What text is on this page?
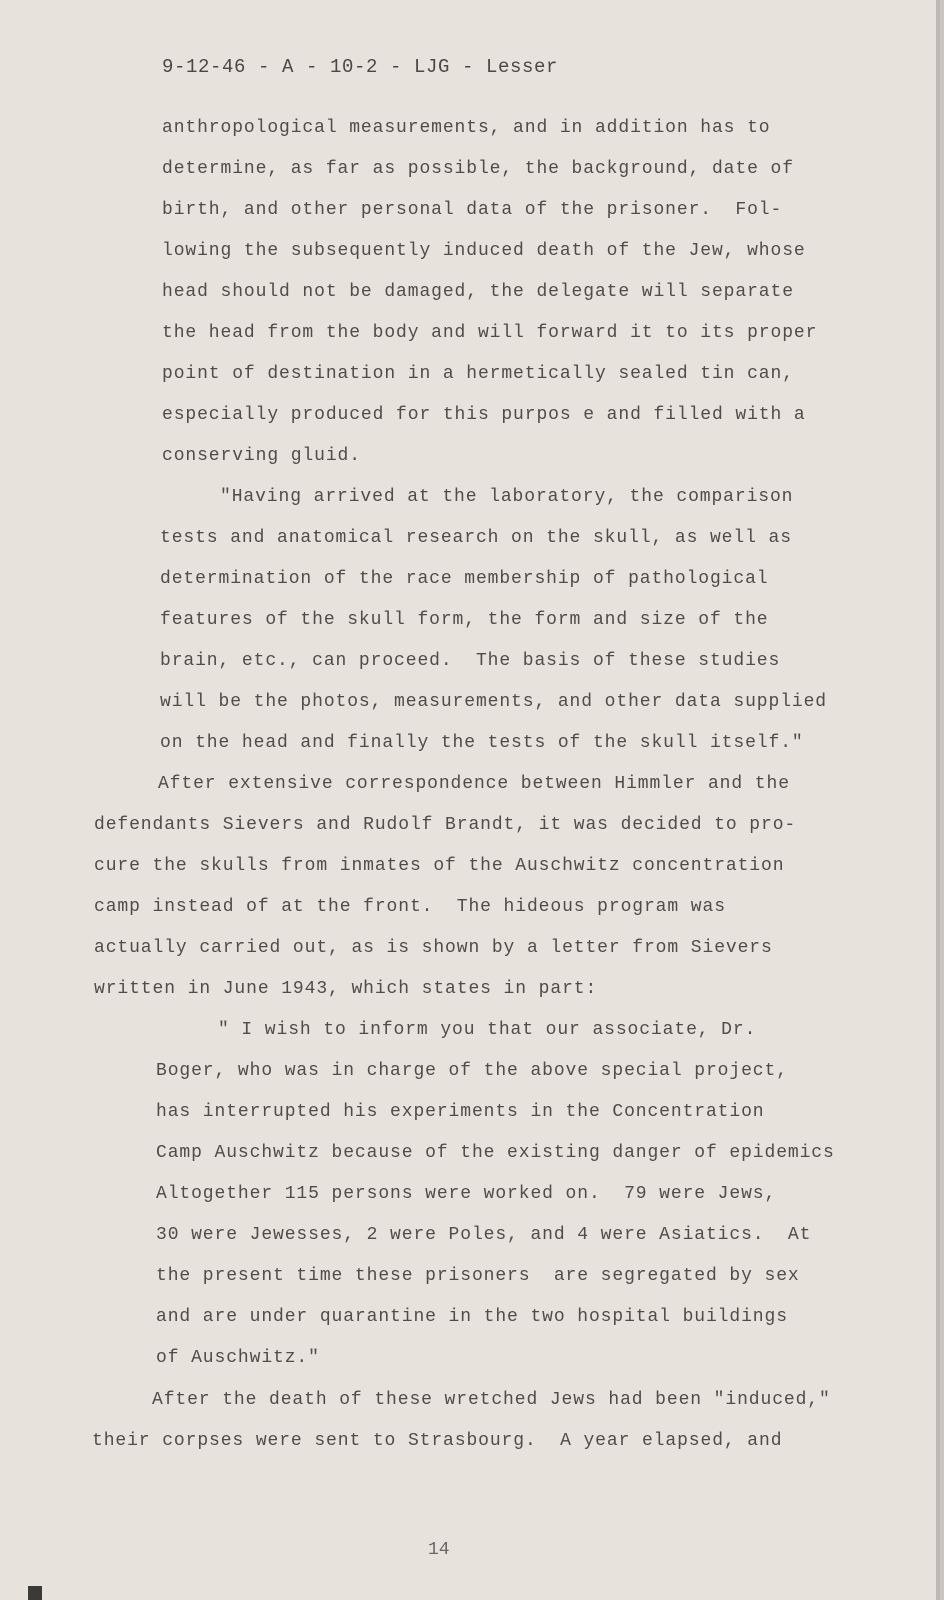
9-12-46 - A - 10-2 - LJG - Lesser
anthropological measurements, and in addition has to
determine, as far as possible, the background, date of
birth, and other personal data of the prisoner.  Fol-
lowing the subsequently induced death of the Jew, whose
head should not be damaged, the delegate will separate
the head from the body and will forward it to its proper
point of destination in a hermetically sealed tin can,
especially produced for this purpos e and filled with a
conserving gluid.
"Having arrived at the laboratory, the comparison
tests and anatomical research on the skull, as well as
determination of the race membership of pathological
features of the skull form, the form and size of the
brain, etc., can proceed.  The basis of these studies
will be the photos, measurements, and other data supplied
on the head and finally the tests of the skull itself."
After extensive correspondence between Himmler and the
defendants Sievers and Rudolf Brandt, it was decided to pro-
cure the skulls from inmates of the Auschwitz concentration
camp instead of at the front.  The hideous program was
actually carried out, as is shown by a letter from Sievers
written in June 1943, which states in part:
" I wish to inform you that our associate, Dr.
Boger, who was in charge of the above special project,
has interrupted his experiments in the Concentration
Camp Auschwitz because of the existing danger of epidemics
Altogether 115 persons were worked on.  79 were Jews,
30 were Jewesses, 2 were Poles, and 4 were Asiatics.  At
the present time these prisoners  are segregated by sex
and are under quarantine in the two hospital buildings
of Auschwitz."
After the death of these wretched Jews had been "induced,"
their corpses were sent to Strasbourg.  A year elapsed, and
14
